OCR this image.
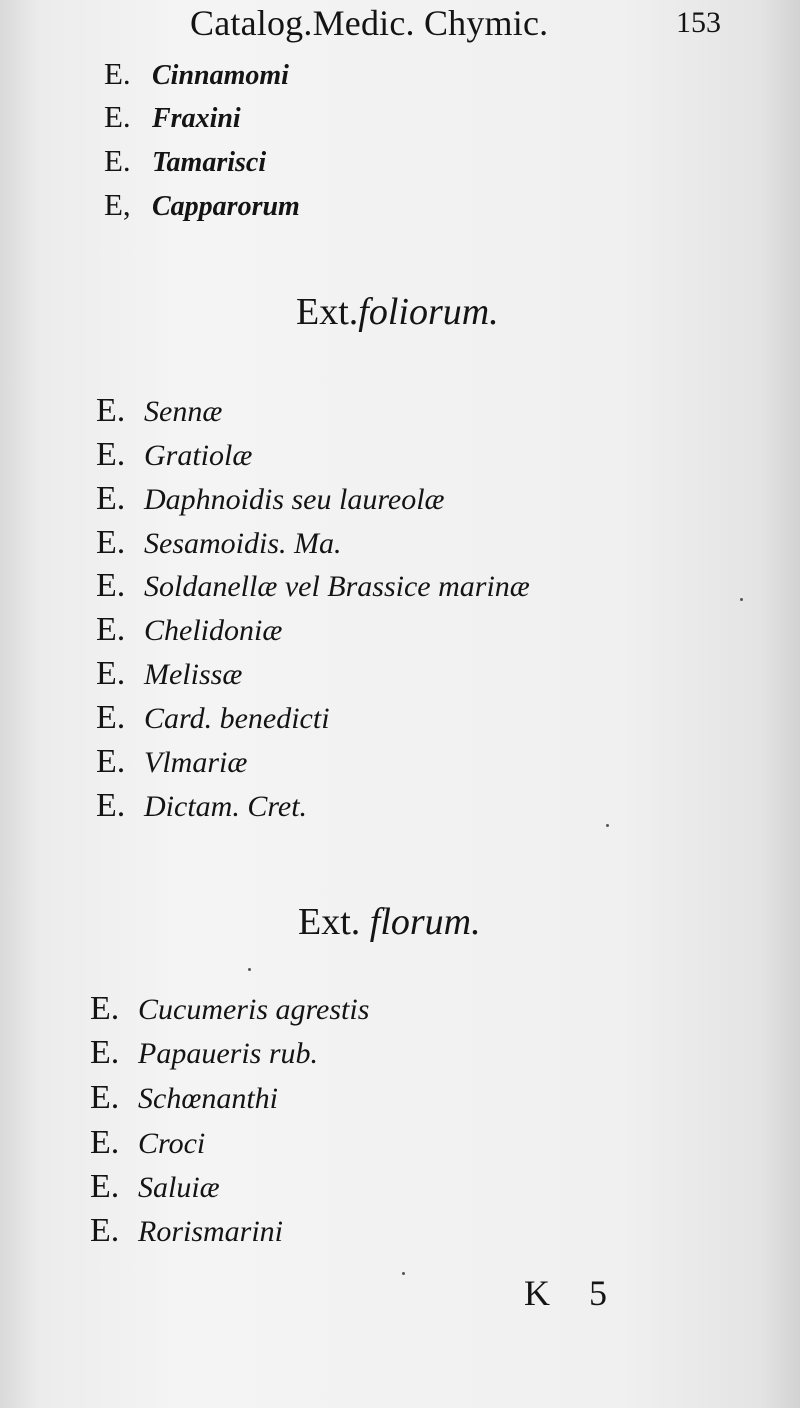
Catalog.Medic. Chymic.	153
E. Cinnamomi
E. Fraxini
E. Tamarisci
E, Capparorum
Ext.foliorum.
E. Sennæ
E. Gratiolæ
E. Daphnoidis seu laureolæ
E. Sesamoidis. Ma.
E. Soldanellæ vel Brassice marinæ
E. Chelidoniæ
E. Melissæ
E. Card. benedicti
E. Vlmariæ
E. Dictam. Cret.
Ext. florum.
E. Cucumeris agrestis
E. Papaueris rub.
E. Schœnanthi
E. Croci
E. Saluiæ
E. Rorismarini
K 5
